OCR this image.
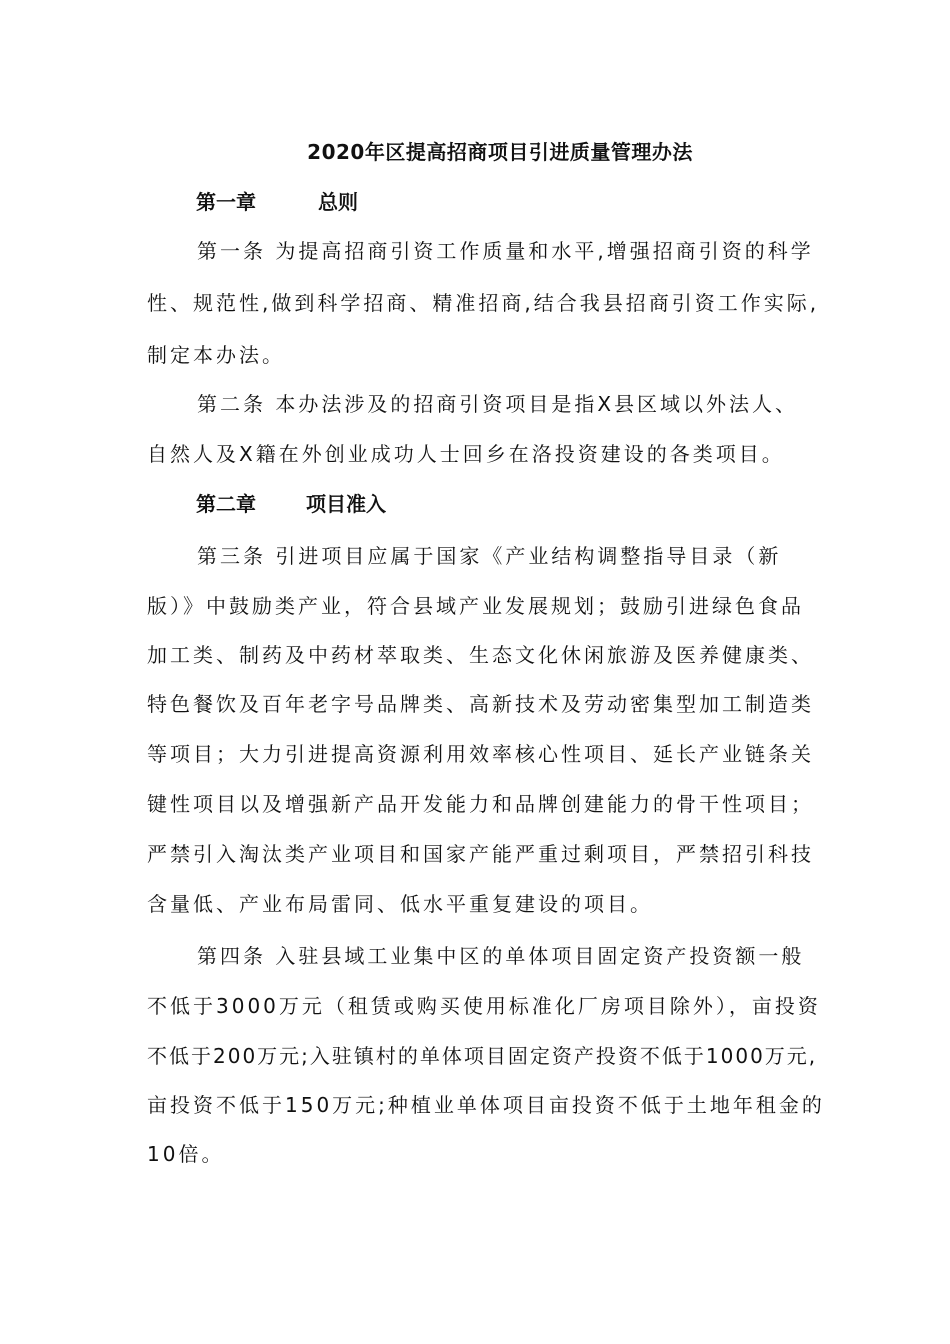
2020年区提高招商项目引进质量管理办法
第一章	总则
第一条 为提高招商引资工作质量和水平,增强招商引资的科学
性、规范性,做到科学招商、精准招商,结合我县招商引资工作实际,
制定本办法。
第二条 本办法涉及的招商引资项目是指X县区域以外法人、
自然人及X籍在外创业成功人士回乡在洛投资建设的各类项目。
第二章	项目准入
第三条 引进项目应属于国家《产业结构调整指导目录（新
版）》中鼓励类产业，符合县域产业发展规划；鼓励引进绿色食品
加工类、制药及中药材萃取类、生态文化休闲旅游及医养健康类、
特色餐饮及百年老字号品牌类、高新技术及劳动密集型加工制造类
等项目；大力引进提高资源利用效率核心性项目、延长产业链条关
键性项目以及增强新产品开发能力和品牌创建能力的骨干性项目；
严禁引入淘汰类产业项目和国家产能严重过剩项目，严禁招引科技
含量低、产业布局雷同、低水平重复建设的项目。
第四条 入驻县域工业集中区的单体项目固定资产投资额一般
不低于3000万元（租赁或购买使用标准化厂房项目除外），亩投资
不低于200万元;入驻镇村的单体项目固定资产投资不低于1000万元,
亩投资不低于150万元;种植业单体项目亩投资不低于土地年租金的
10倍。
